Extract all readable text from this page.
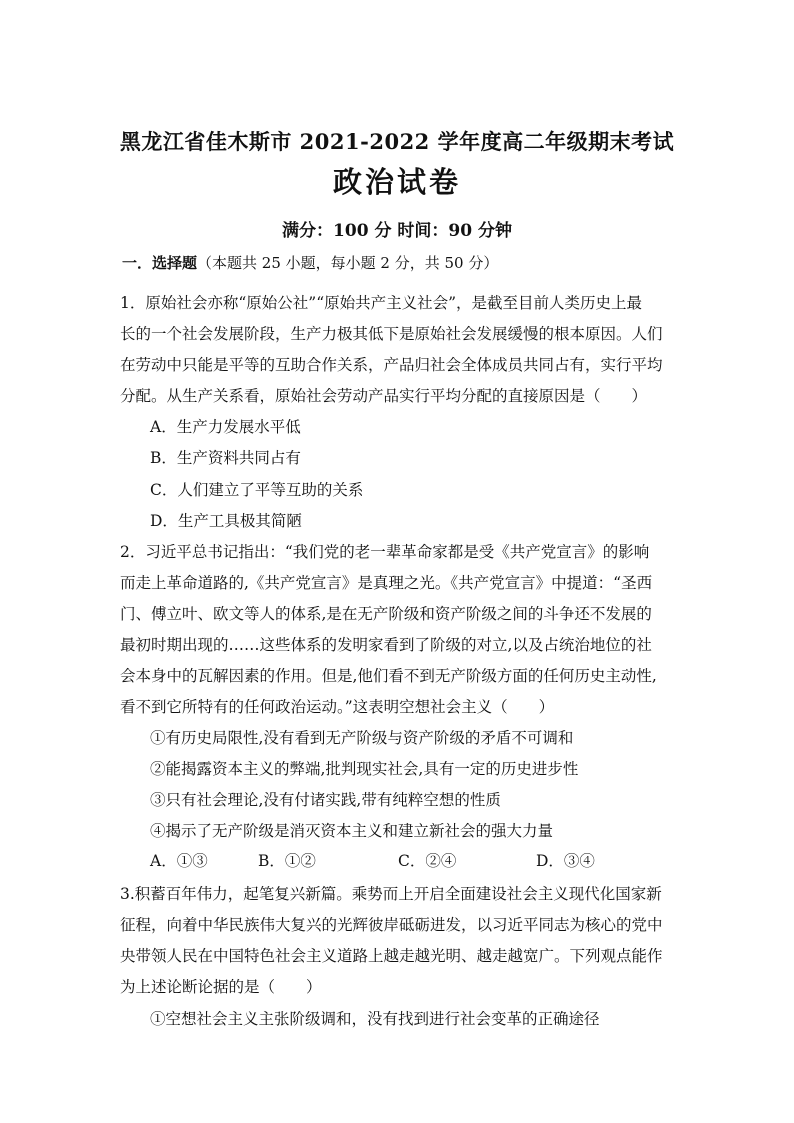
黑龙江省佳木斯市 2021-2022 学年度高二年级期末考试
政治试卷
满分：100 分 时间：90 分钟
一．选择题（本题共 25 小题，每小题 2 分，共 50 分）
1．原始社会亦称“原始公社”“原始共产主义社会”，是截至目前人类历史上最
长的一个社会发展阶段，生产力极其低下是原始社会发展缓慢的根本原因。人们
在劳动中只能是平等的互助合作关系，产品归社会全体成员共同占有，实行平均
分配。从生产关系看，原始社会劳动产品实行平均分配的直接原因是（　　）
A．生产力发展水平低
B．生产资料共同占有
C．人们建立了平等互助的关系
D．生产工具极其简陋
2．习近平总书记指出：“我们党的老一辈革命家都是受《共产党宣言》的影响
而走上革命道路的,《共产党宣言》是真理之光。《共产党宣言》中提道：“圣西
门、傅立叶、欧文等人的体系,是在无产阶级和资产阶级之间的斗争还不发展的
最初时期出现的……这些体系的发明家看到了阶级的对立,以及占统治地位的社
会本身中的瓦解因素的作用。但是,他们看不到无产阶级方面的任何历史主动性,
看不到它所特有的任何政治运动。”这表明空想社会主义（　　）
①有历史局限性,没有看到无产阶级与资产阶级的矛盾不可调和
②能揭露资本主义的弊端,批判现实社会,具有一定的历史进步性
③只有社会理论,没有付诸实践,带有纯粹空想的性质
④揭示了无产阶级是消灭资本主义和建立新社会的强大力量
A．①③	B．①②	C．②④	D．③④
3.积蓄百年伟力，起笔复兴新篇。乘势而上开启全面建设社会主义现代化国家新
征程，向着中华民族伟大复兴的光辉彼岸砥砺进发，以习近平同志为核心的党中
央带领人民在中国特色社会主义道路上越走越光明、越走越宽广。下列观点能作
为上述论断论据的是（　　）
①空想社会主义主张阶级调和，没有找到进行社会变革的正确途径
